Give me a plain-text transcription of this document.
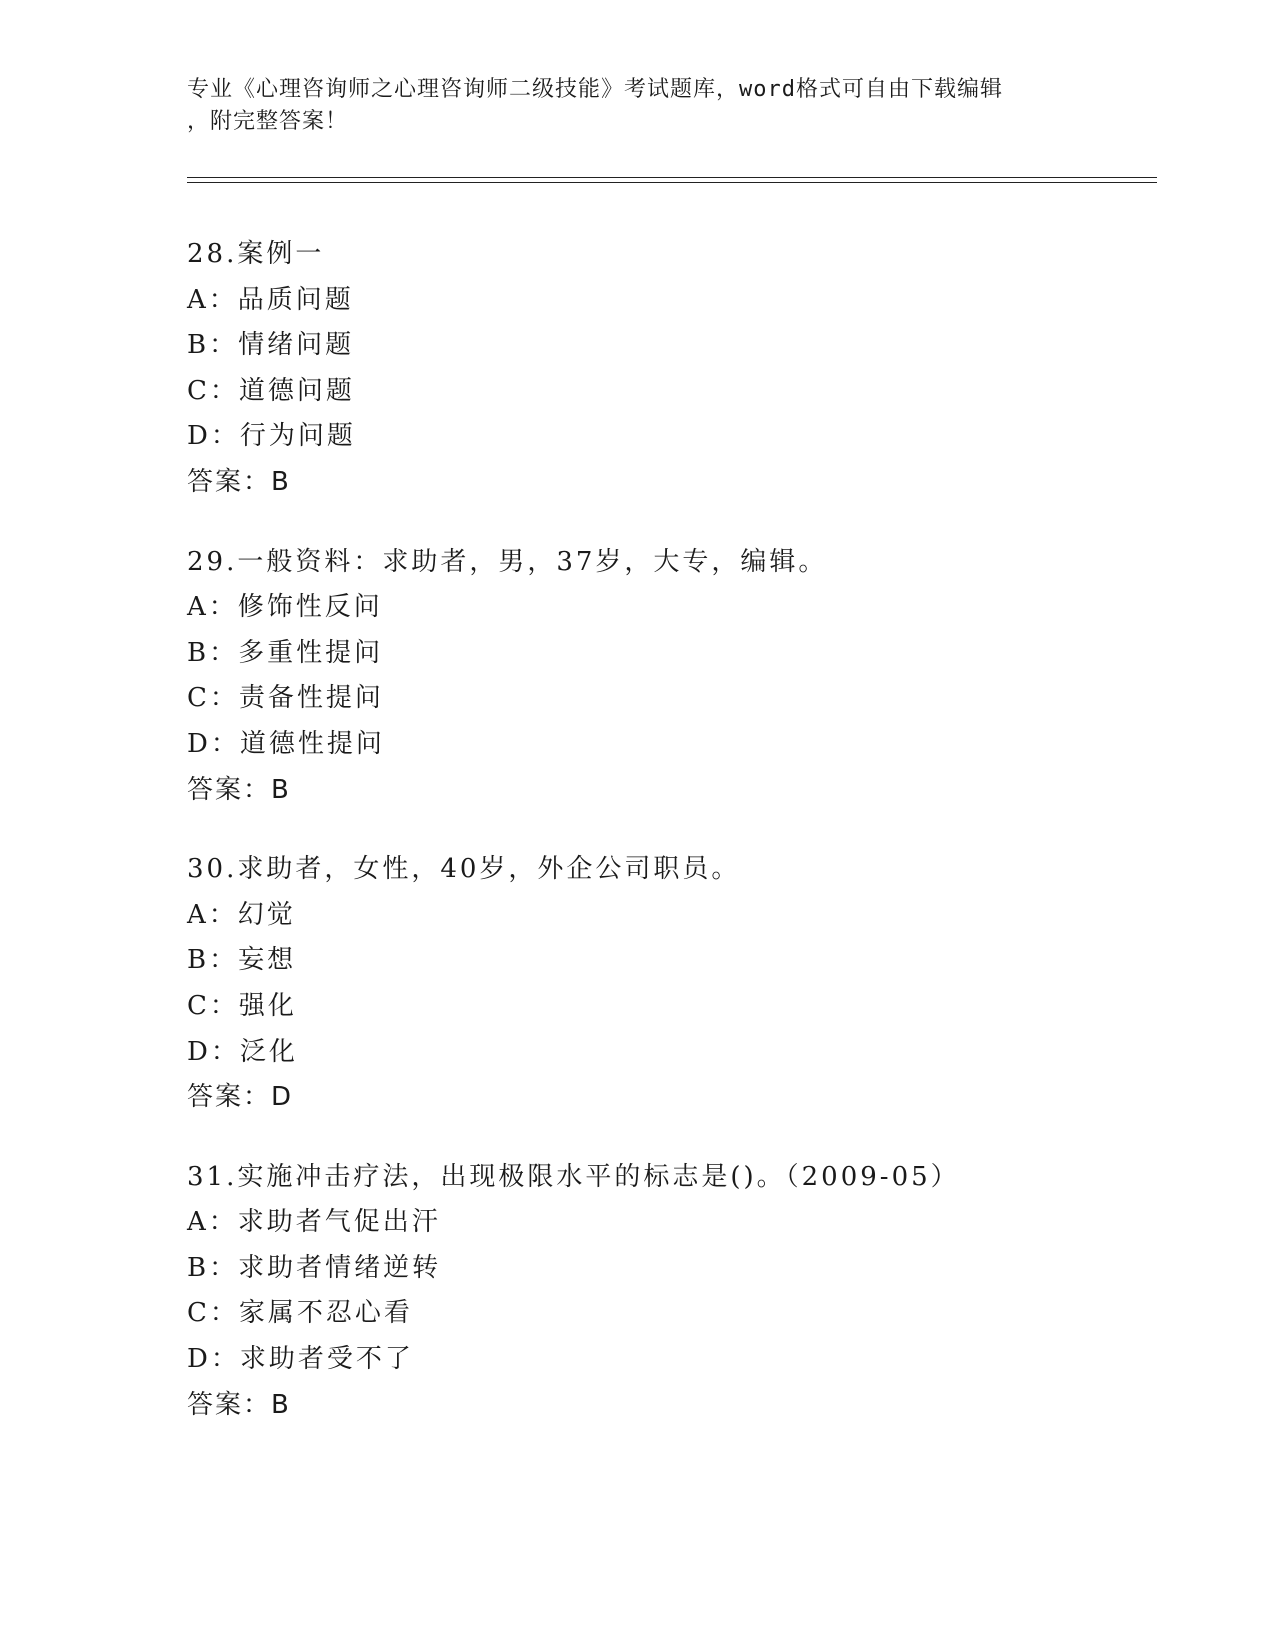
专业《心理咨询师之心理咨询师二级技能》考试题库，word格式可自由下载编辑
，附完整答案！
28.案例一
A：品质问题
B：情绪问题
C：道德问题
D：行为问题
答案：B
29.一般资料：求助者，男，37岁，大专，编辑。
A：修饰性反问
B：多重性提问
C：责备性提问
D：道德性提问
答案：B
30.求助者，女性，40岁，外企公司职员。
A：幻觉
B：妄想
C：强化
D：泛化
答案：D
31.实施冲击疗法，出现极限水平的标志是()。（2009-05）
A：求助者气促出汗
B：求助者情绪逆转
C：家属不忍心看
D：求助者受不了
答案：B
